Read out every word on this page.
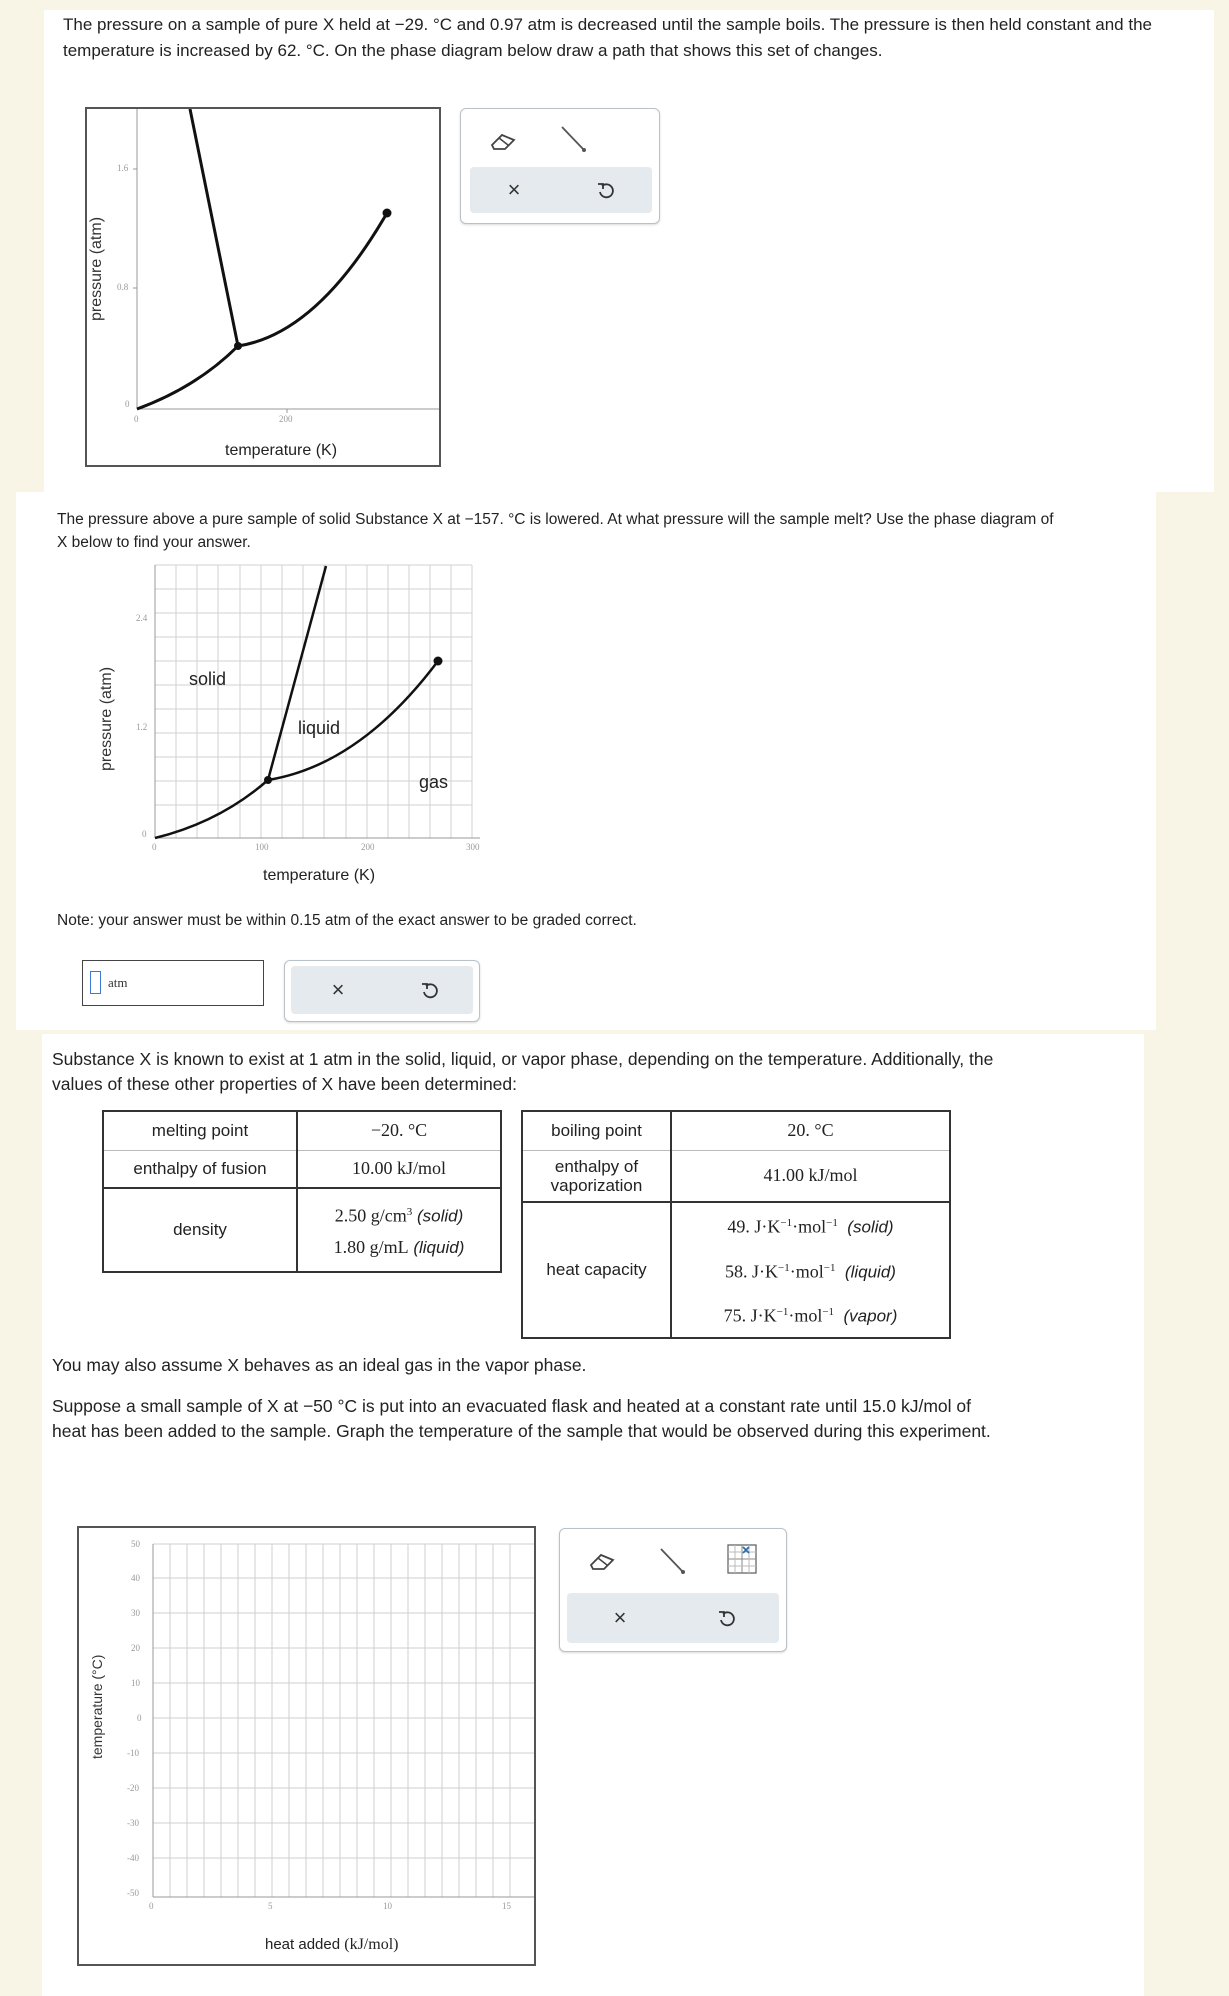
The pressure on a sample of pure X held at −29. °C and 0.97 atm is decreased until the sample boils. The pressure is then held constant and the
temperature is increased by 62. °C. On the phase diagram below draw a path that shows this set of changes.
1.6
0.8
0
0	200
temperature (K)
pressure (atm)
×
The pressure above a pure sample of solid Substance X at −157. °C is lowered. At what pressure will the sample melt? Use the phase diagram of
X below to find your answer.
2.4
1.2
0
0	100	200	300
solid
liquid
gas
temperature (K)
pressure (atm)
Note: your answer must be within 0.15 atm of the exact answer to be graded correct.
atm	×
Substance X is known to exist at 1 atm in the solid, liquid, or vapor phase, depending on the temperature. Additionally, the
values of these other properties of X have been determined:
melting point	−20. °C
enthalpy of fusion	10.00 kJ/mol
density	2.50 $g/cm^3$ (solid)
1.80 g/mL (liquid)
boiling point	20. °C

enthalpy of
vaporization	41.00 kJ/mol
heat capacity	49. $J\cdot K^{-1}\cdot mol^{-1}$ (solid)
58. $J\cdot K^{-1}\cdot mol^{-1}$ (liquid)
75. $J\cdot K^{-1}\cdot mol^{-1}$ (vapor)
You may also assume X behaves as an ideal gas in the vapor phase.
Suppose a small sample of X at −50 °C is put into an evacuated flask and heated at a constant rate until 15.0 kJ/mol of
heat has been added to the sample. Graph the temperature of the sample that would be observed during this experiment.
50
40
30
20
10
0
-10
-20
-30
-40
-50
0	5	10	15
heat added (kJ/mol)
temperature (°C)
×
